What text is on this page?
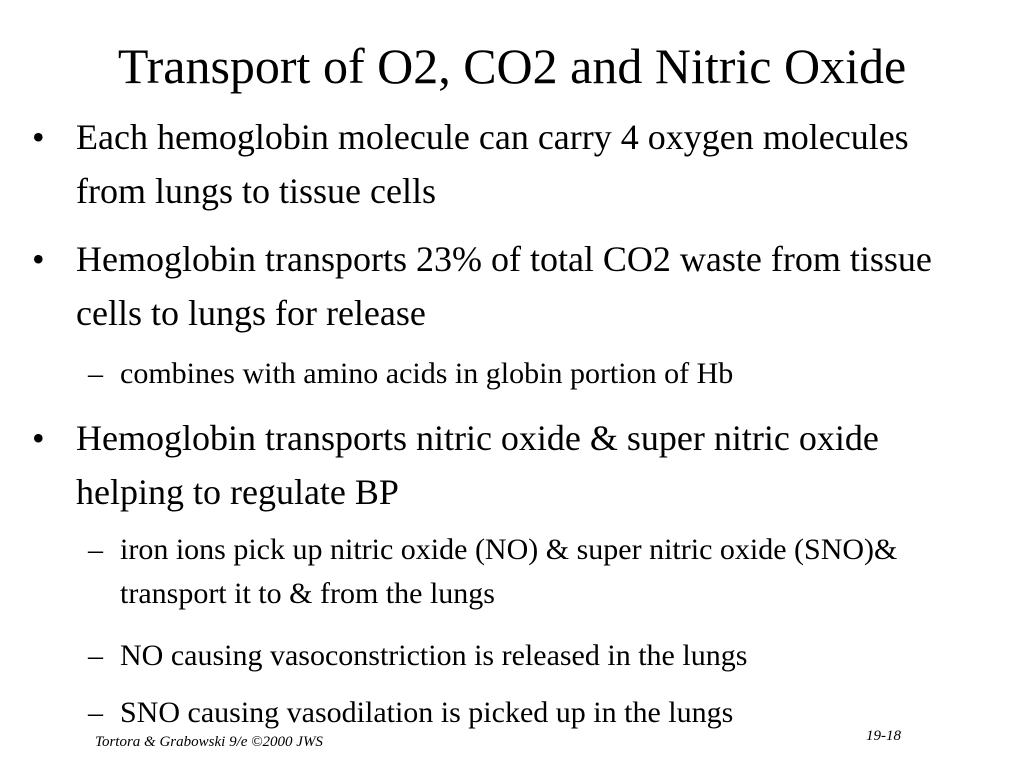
Transport of O2, CO2 and Nitric Oxide
• Each hemoglobin molecule can carry 4 oxygen molecules from lungs to tissue cells
• Hemoglobin transports 23% of total CO2 waste from tissue cells to lungs for release
– combines with amino acids in globin portion of Hb
• Hemoglobin transports nitric oxide & super nitric oxide helping to regulate BP
– iron ions pick up nitric oxide (NO) & super nitric oxide (SNO)& transport it to & from the lungs
– NO causing vasoconstriction is released in the lungs
– SNO causing vasodilation is picked up in the lungs
Tortora & Grabowski 9/e ©2000 JWS	19-18
